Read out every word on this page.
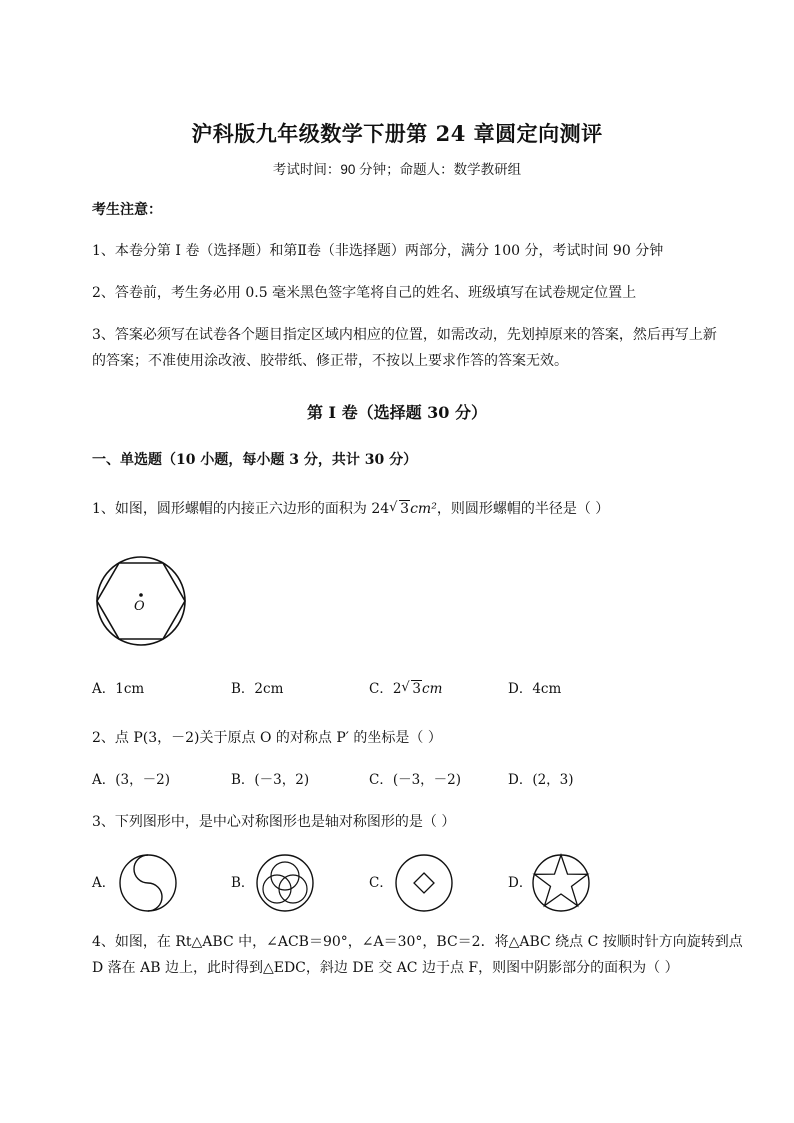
沪科版九年级数学下册第 24 章圆定向测评
考试时间：90 分钟；命题人：数学教研组
考生注意：
1、本卷分第 I 卷（选择题）和第Ⅱ卷（非选择题）两部分，满分 100 分，考试时间 90 分钟
2、答卷前，考生务必用 0.5 毫米黑色签字笔将自己的姓名、班级填写在试卷规定位置上
3、答案必须写在试卷各个题目指定区域内相应的位置，如需改动，先划掉原来的答案，然后再写上新
的答案；不准使用涂改液、胶带纸、修正带，不按以上要求作答的答案无效。
第 I 卷（选择题 30 分）
一、单选题（10 小题，每小题 3 分，共计 30 分）
1、如图，圆形螺帽的内接正六边形的面积为 24 √ 3cm²，则圆形螺帽的半径是（ ）
O
A．1cm	B．2cm	C．2 √ 3cm	D．4cm
2、点 P(3，－2)关于原点 O 的对称点 P′ 的坐标是（ ）
A．(3，－2)	B．(－3，2)	C．(－3，－2)	D．(2，3)
3、下列图形中，是中心对称图形也是轴对称图形的是（ ）
A．	B．	C．	D．
4、如图，在 Rt△ABC 中，∠ACB＝90°，∠A＝30°，BC＝2．将△ABC 绕点 C 按顺时针方向旋转到点
D 落在 AB 边上，此时得到△EDC，斜边 DE 交 AC 边于点 F，则图中阴影部分的面积为（ ）
